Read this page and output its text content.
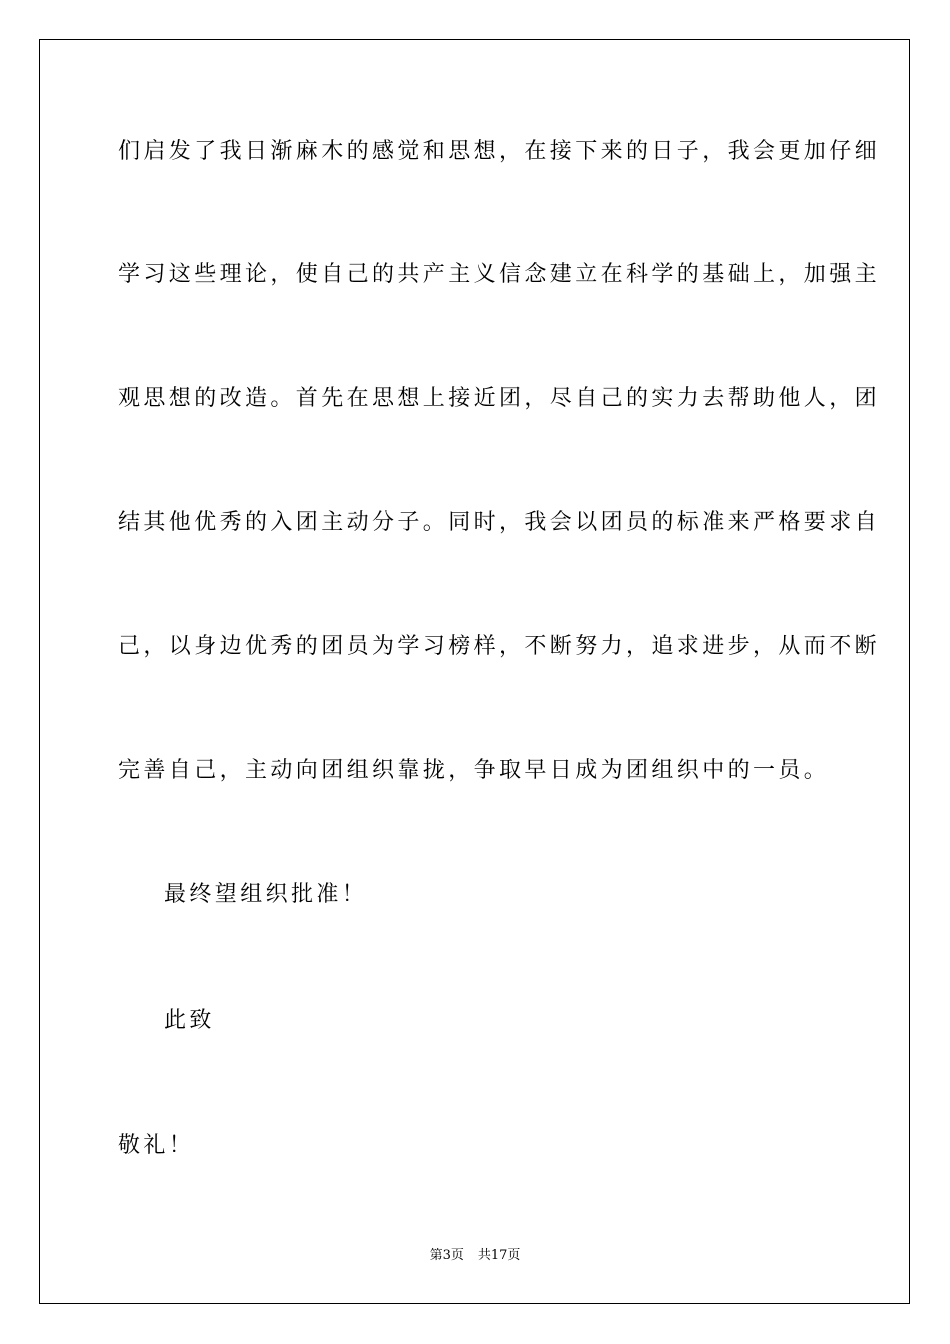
们启发了我日渐麻木的感觉和思想，在接下来的日子，我会更加仔细
学习这些理论，使自己的共产主义信念建立在科学的基础上，加强主
观思想的改造。首先在思想上接近团，尽自己的实力去帮助他人，团
结其他优秀的入团主动分子。同时，我会以团员的标准来严格要求自
己，以身边优秀的团员为学习榜样，不断努力，追求进步，从而不断
完善自己，主动向团组织靠拢，争取早日成为团组织中的一员。
最终望组织批准！
此致
敬礼！
第3页 共17页
